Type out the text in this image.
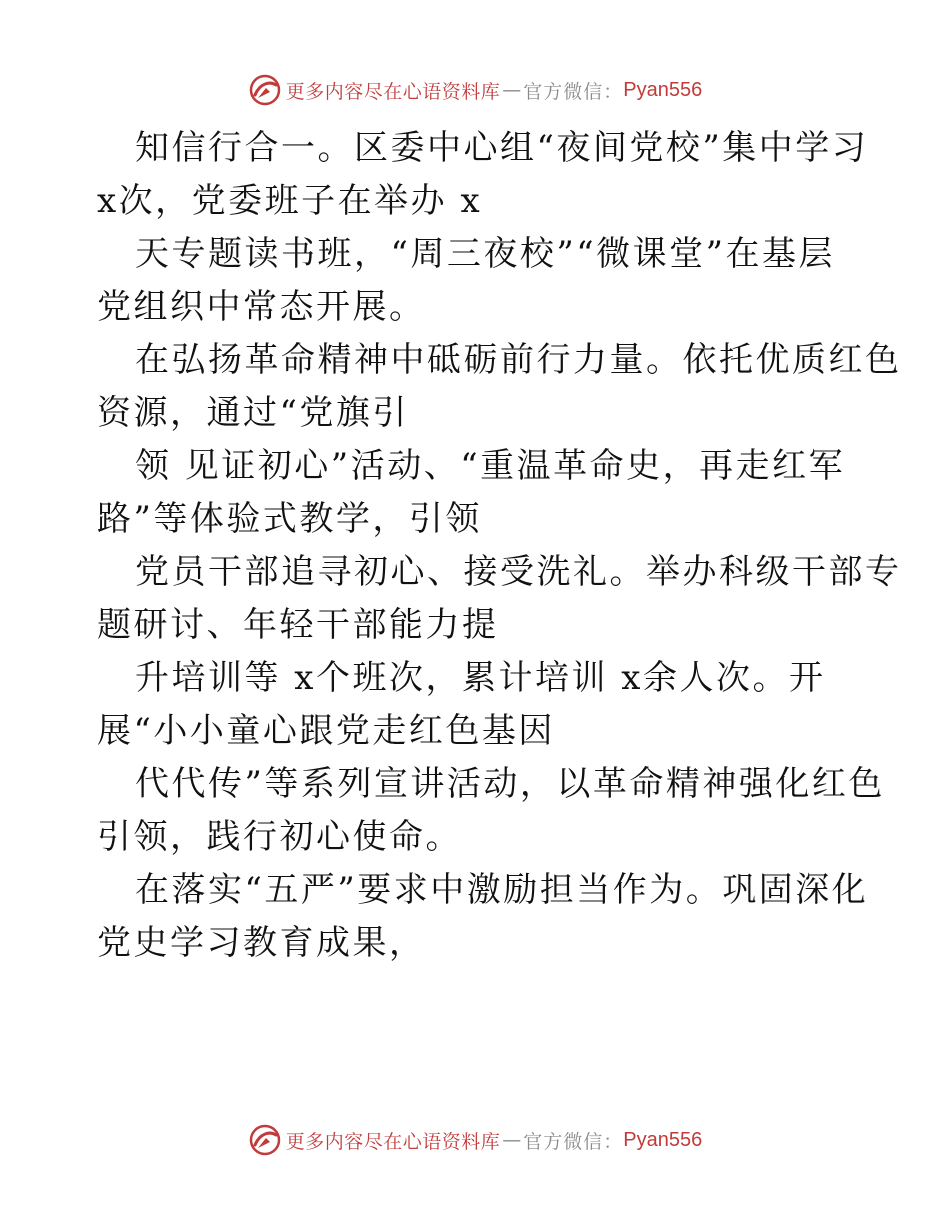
更多内容尽在心语资料库 — 官方微信： Pyan556
知信行合一。区委中心组“夜间党校”集中学习
x次，党委班子在举办 x
天专题读书班，“周三夜校”“微课堂”在基层
党组织中常态开展。
在弘扬革命精神中砥砺前行力量。依托优质红色
资源，通过“党旗引
领 见证初心”活动、“重温革命史，再走红军
路”等体验式教学，引领
党员干部追寻初心、接受洗礼。举办科级干部专
题研讨、年轻干部能力提
升培训等 x个班次，累计培训 x余人次。开
展“小小童心跟党走红色基因
代代传”等系列宣讲活动，以革命精神强化红色
引领，践行初心使命。
在落实“五严”要求中激励担当作为。巩固深化
党史学习教育成果，
更多内容尽在心语资料库 — 官方微信： Pyan556
